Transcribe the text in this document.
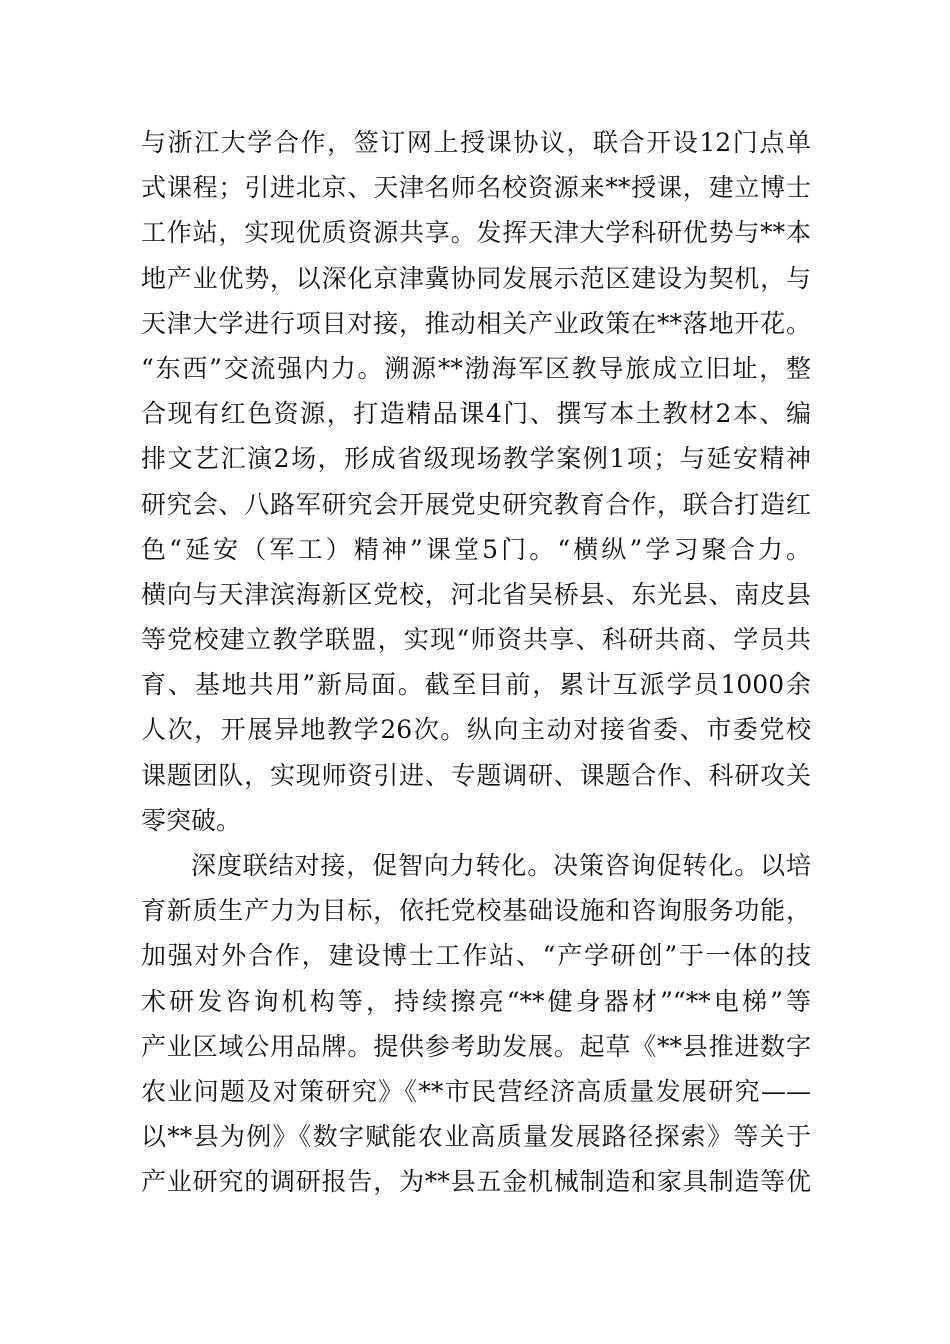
与浙江大学合作，签订网上授课协议，联合开设12门点单
式课程；引进北京、天津名师名校资源来**授课，建立博士
工作站，实现优质资源共享。发挥天津大学科研优势与**本
地产业优势，以深化京津冀协同发展示范区建设为契机，与
天津大学进行项目对接，推动相关产业政策在**落地开花。
“东西”交流强内力。溯源**渤海军区教导旅成立旧址，整
合现有红色资源，打造精品课4门、撰写本土教材2本、编
排文艺汇演2场，形成省级现场教学案例1项；与延安精神
研究会、八路军研究会开展党史研究教育合作，联合打造红
色“延安（军工）精神”课堂5门。“横纵”学习聚合力。
横向与天津滨海新区党校，河北省吴桥县、东光县、南皮县
等党校建立教学联盟，实现“师资共享、科研共商、学员共
育、基地共用”新局面。截至目前，累计互派学员1000余
人次，开展异地教学26次。纵向主动对接省委、市委党校
课题团队，实现师资引进、专题调研、课题合作、科研攻关
零突破。
深度联结对接，促智向力转化。决策咨询促转化。以培
育新质生产力为目标，依托党校基础设施和咨询服务功能，
加强对外合作，建设博士工作站、“产学研创”于一体的技
术研发咨询机构等，持续擦亮“**健身器材”“**电梯”等
产业区域公用品牌。提供参考助发展。起草《**县推进数字
农业问题及对策研究》《**市民营经济高质量发展研究——
以**县为例》《数字赋能农业高质量发展路径探索》等关于
产业研究的调研报告，为**县五金机械制造和家具制造等优
